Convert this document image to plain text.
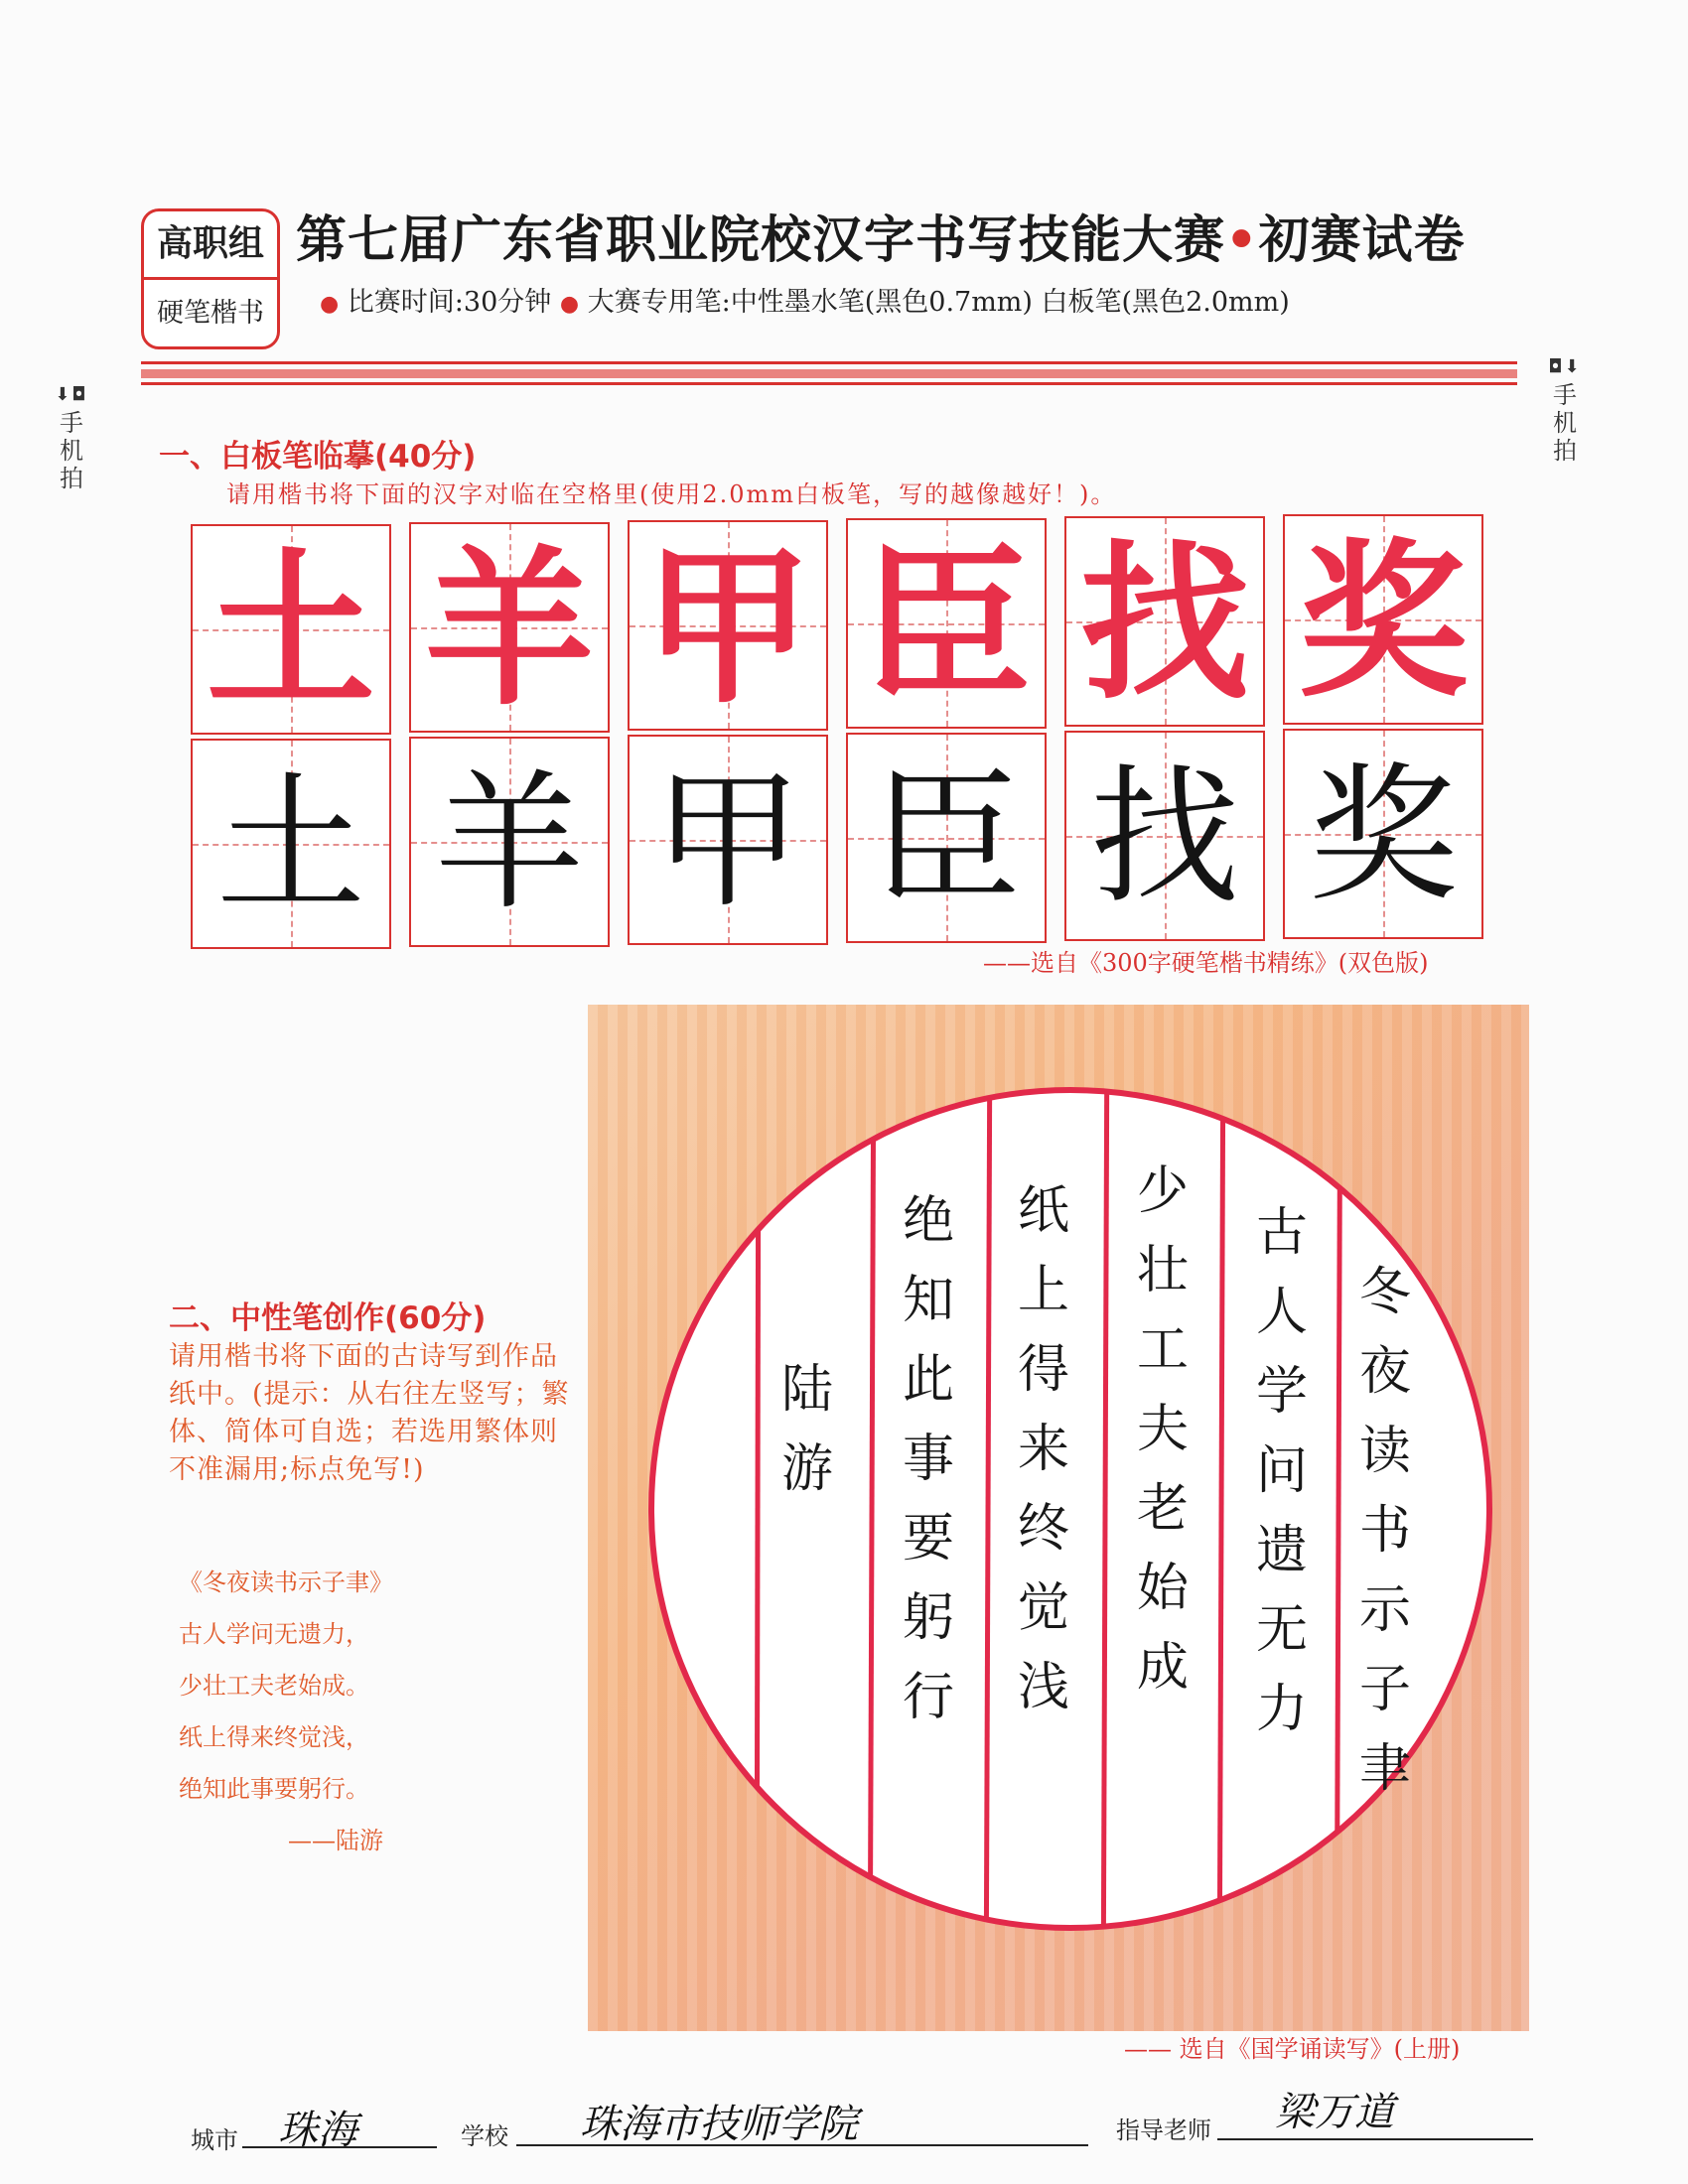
⬇◘
手
机
拍
◘⬇
手
机
拍
高职组
硬笔楷书
第七届广东省职业院校汉字书写技能大赛•初赛试卷
● 比赛时间:30分钟 ● 大赛专用笔:中性墨水笔(黑色0.7mm) 白板笔(黑色2.0mm)
一、白板笔临摹(40分)
请用楷书将下面的汉字对临在空格里(使用2.0mm白板笔，写的越像越好！)。
土 羊 甲 臣 找 奖
土 羊 甲 臣 找 奖
——选自《300字硬笔楷书精练》(双色版)
二、中性笔创作(60分)
请用楷书将下面的古诗写到作品纸中。(提示：从右往左竖写；繁体、简体可自选；若选用繁体则不准漏用;标点免写!)
《冬夜读书示子聿》
古人学问无遗力，
少壮工夫老始成。
纸上得来终觉浅，
绝知此事要躬行。
——陆游
冬
夜
读
书
示
子
聿
古
人
学
问
遗
无
力
少
壮
工
夫
老
始
成
纸
上
得
来
终
觉
浅
绝
知
此
事
要
躬
行
陆
游
—— 选自《国学诵读写》(上册)
城市 珠海	学校 珠海市技师学院	指导老师 梁万道
